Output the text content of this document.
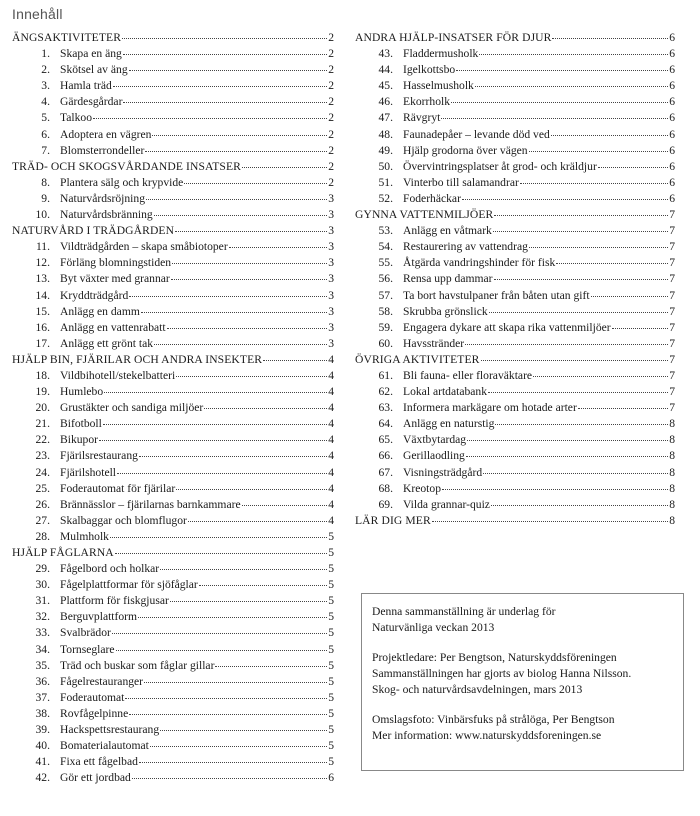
Innehåll
ÄNGSAKTIVITETER	2
1. Skapa en äng	2
2. Skötsel av äng	2
3. Hamla träd	2
4. Gärdesgårdar	2
5. Talkoo	2
6. Adoptera en vägren	2
7. Blomsterrondeller	2
TRÄD- OCH SKOGSVÅRDANDE INSATSER	2
8. Plantera sälg och krypvide	2
9. Naturvårdsröjning	3
10. Naturvårdsbränning	3
NATURVÅRD I TRÄDGÅRDEN	3
11. Vildträdgården – skapa småbiotoper	3
12. Förläng blomningstiden	3
13. Byt växter med grannar	3
14. Kryddträdgård	3
15. Anlägg en damm	3
16. Anlägg en vattenrabatt	3
17. Anlägg ett grönt tak	3
HJÄLP BIN, FJÄRILAR OCH ANDRA INSEKTER	4
18. Vildbihotell/stekelbatteri	4
19. Humlebo	4
20. Grustäkter och sandiga miljöer	4
21. Bifotboll	4
22. Bikupor	4
23. Fjärilsrestaurang	4
24. Fjärilshotell	4
25. Foderautomat för fjärilar	4
26. Brännässlor – fjärilarnas barnkammare	4
27. Skalbaggar och blomflugor	4
28. Mulmholk	5
HJÄLP FÅGLARNA	5
29. Fågelbord och holkar	5
30. Fågelplattformar för sjöfåglar	5
31. Plattform för fiskgjusar	5
32. Berguvplattform	5
33. Svalbrädor	5
34. Tornseglare	5
35. Träd och buskar som fåglar gillar	5
36. Fågelrestauranger	5
37. Foderautomat	5
38. Rovfågelpinne	5
39. Hackspettsrestaurang	5
40. Bomaterialautomat	5
41. Fixa ett fågelbad	5
42. Gör ett jordbad	6
ANDRA HJÄLP-INSATSER FÖR DJUR	6
43. Fladdermusholk	6
44. Igelkottsbo	6
45. Hasselmusholk	6
46. Ekorrholk	6
47. Rävgryt	6
48. Faunadepåer – levande död ved	6
49. Hjälp grodorna över vägen	6
50. Övervintringsplatser åt grod- och kräldjur	6
51. Vinterbo till salamandrar	6
52. Foderhäckar	6
GYNNA VATTENMILJÖER	7
53. Anlägg en våtmark	7
54. Restaurering av vattendrag	7
55. Åtgärda vandringshinder för fisk	7
56. Rensa upp dammar	7
57. Ta bort havstulpaner från båten utan gift	7
58. Skrubba grönslick	7
59. Engagera dykare att skapa rika vattenmiljöer	7
60. Havsstränder	7
ÖVRIGA AKTIVITETER	7
61. Bli fauna- eller floraväktare	7
62. Lokal artdatabank	7
63. Informera markägare om hotade arter	7
64. Anlägg en naturstig	8
65. Växtbytardag	8
66. Gerillaodling	8
67. Visningsträdgård	8
68. Kreotop	8
69. Vilda grannar-quiz	8
LÄR DIG MER	8

Denna sammanställning är underlag för
Naturvänliga veckan 2013

Projektledare: Per Bengtson, Naturskyddsföreningen
Sammanställningen har gjorts av biolog Hanna Nilsson.
Skog- och naturvårdsavdelningen, mars 2013

Omslagsfoto: Vinbärsfuks på strålöga, Per Bengtson
Mer information: www.naturskyddsforeningen.se
